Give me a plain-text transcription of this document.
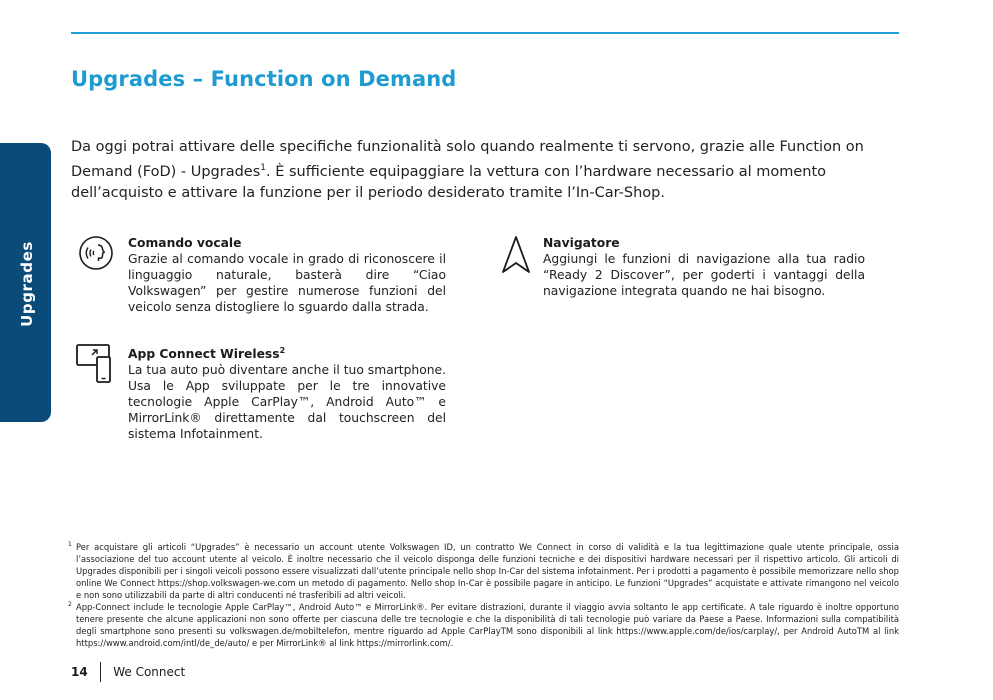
Upgrades – Function on Demand
Upgrades

Da oggi potrai attivare delle specifiche funzionalità solo quando realmente ti servono, grazie alle Function on Demand (FoD) - Upgrades$^1$. È sufficiente equipaggiare la vettura con l’hardware necessario al momento dell’acquisto e attivare la funzione per il periodo desiderato tramite l’In-Car-Shop.

Comando vocale

Grazie al comando vocale in grado di riconoscere il linguaggio naturale, basterà dire “Ciao Volkswagen” per gestire numerose funzioni del veicolo senza distogliere lo sguardo dalla strada.

Navigatore

Aggiungi le funzioni di navigazione alla tua radio “Ready 2 Discover”, per goderti i vantaggi della navigazione integrata quando ne hai bisogno.

App Connect Wireless$^2$

La tua auto può diventare anche il tuo smartphone. Usa le App sviluppate per le tre innovative tecnologie Apple CarPlay™, Android Auto™ e MirrorLink® direttamente dal touchscreen del sistema Infotainment.

1 Per acquistare gli articoli “Upgrades” è necessario un account utente Volkswagen ID, un contratto We Connect in corso di validità e la tua legittimazione quale utente principale, ossia l’associazione del tuo account utente al veicolo. È inoltre necessario che il veicolo disponga delle funzioni tecniche e dei dispositivi hardware necessari per il rispettivo articolo. Gli articoli di Upgrades disponibili per i singoli veicoli possono essere visualizzati dall’utente principale nello shop In-Car del sistema infotainment. Per i prodotti a pagamento è possibile memorizzare nello shop online We Connect https://shop.volkswagen-we.com un metodo di pagamento. Nello shop In-Car è possibile pagare in anticipo. Le funzioni “Upgrades” acquistate e attivate rimangono nel veicolo e non sono utilizzabili da parte di altri conducenti né trasferibili ad altri veicoli.

2 App-Connect include le tecnologie Apple CarPlay™, Android Auto™ e MirrorLink®. Per evitare distrazioni, durante il viaggio avvia soltanto le app certificate. A tale riguardo è inoltre opportuno tenere presente che alcune applicazioni non sono offerte per ciascuna delle tre tecnologie e che la disponibilità di tali tecnologie può variare da Paese a Paese. Informazioni sulla compatibilità degli smartphone sono presenti su volkswagen.de/mobiltelefon, mentre riguardo ad Apple CarPlayTM sono disponibili al link https://www.apple.com/de/ios/carplay/, per Android AutoTM al link https://www.android.com/intl/de_de/auto/ e per MirrorLink® al link https://mirrorlink.com/.

14 We Connect
